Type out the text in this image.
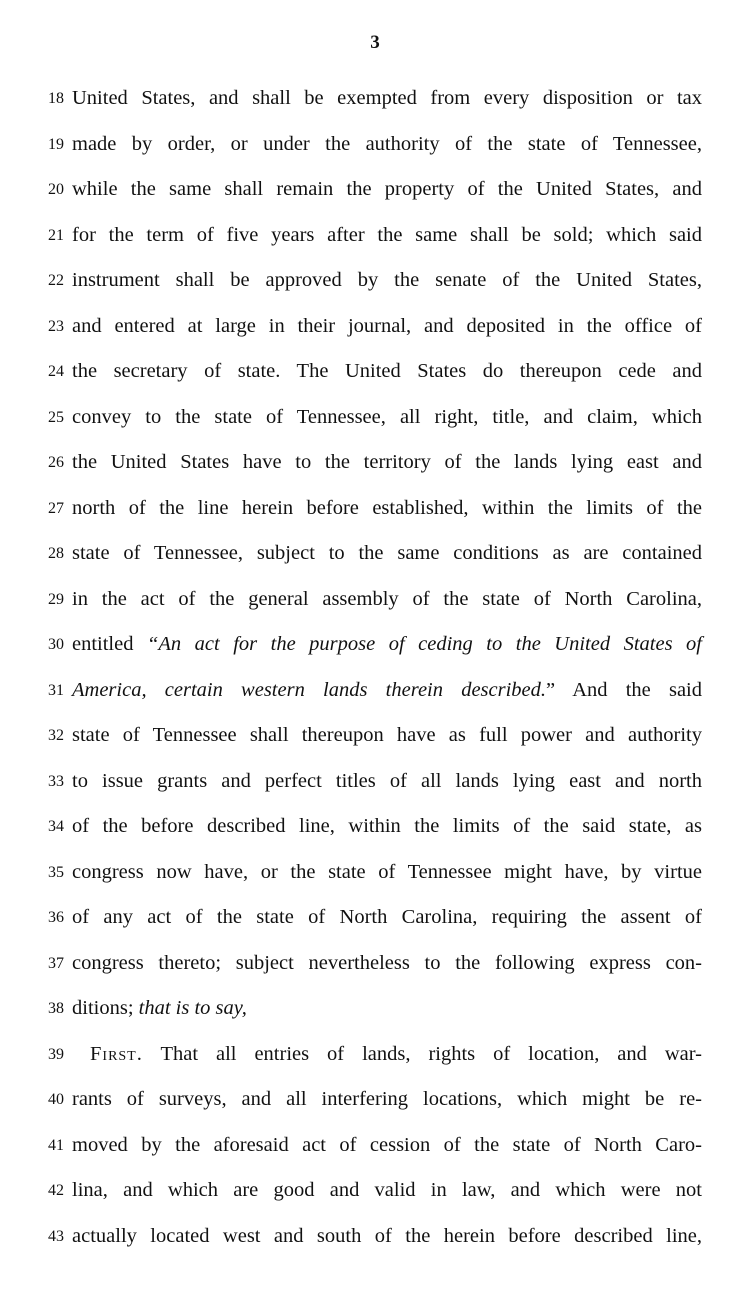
3
18 United States, and shall be exempted from every disposition or tax
19 made by order, or under the authority of the state of Tennessee,
20 while the same shall remain the property of the United States, and
21 for the term of five years after the same shall be sold; which said
22 instrument shall be approved by the senate of the United States,
23 and entered at large in their journal, and deposited in the office of
24 the secretary of state. The United States do thereupon cede and
25 convey to the state of Tennessee, all right, title, and claim, which
26 the United States have to the territory of the lands lying east and
27 north of the line herein before established, within the limits of the
28 state of Tennessee, subject to the same conditions as are contained
29 in the act of the general assembly of the state of North Carolina,
30 entitled “An act for the purpose of ceding to the United States of
31 America, certain western lands therein described.” And the said
32 state of Tennessee shall thereupon have as full power and authority
33 to issue grants and perfect titles of all lands lying east and north
34 of the before described line, within the limits of the said state, as
35 congress now have, or the state of Tennessee might have, by virtue
36 of any act of the state of North Carolina, requiring the assent of
37 congress thereto; subject nevertheless to the following express con-
38 ditions; that is to say,
39	First. That all entries of lands, rights of location, and war-
40 rants of surveys, and all interfering locations, which might be re-
41 moved by the aforesaid act of cession of the state of North Caro-
42 lina, and which are good and valid in law, and which were not
43 actually located west and south of the herein before described line,
